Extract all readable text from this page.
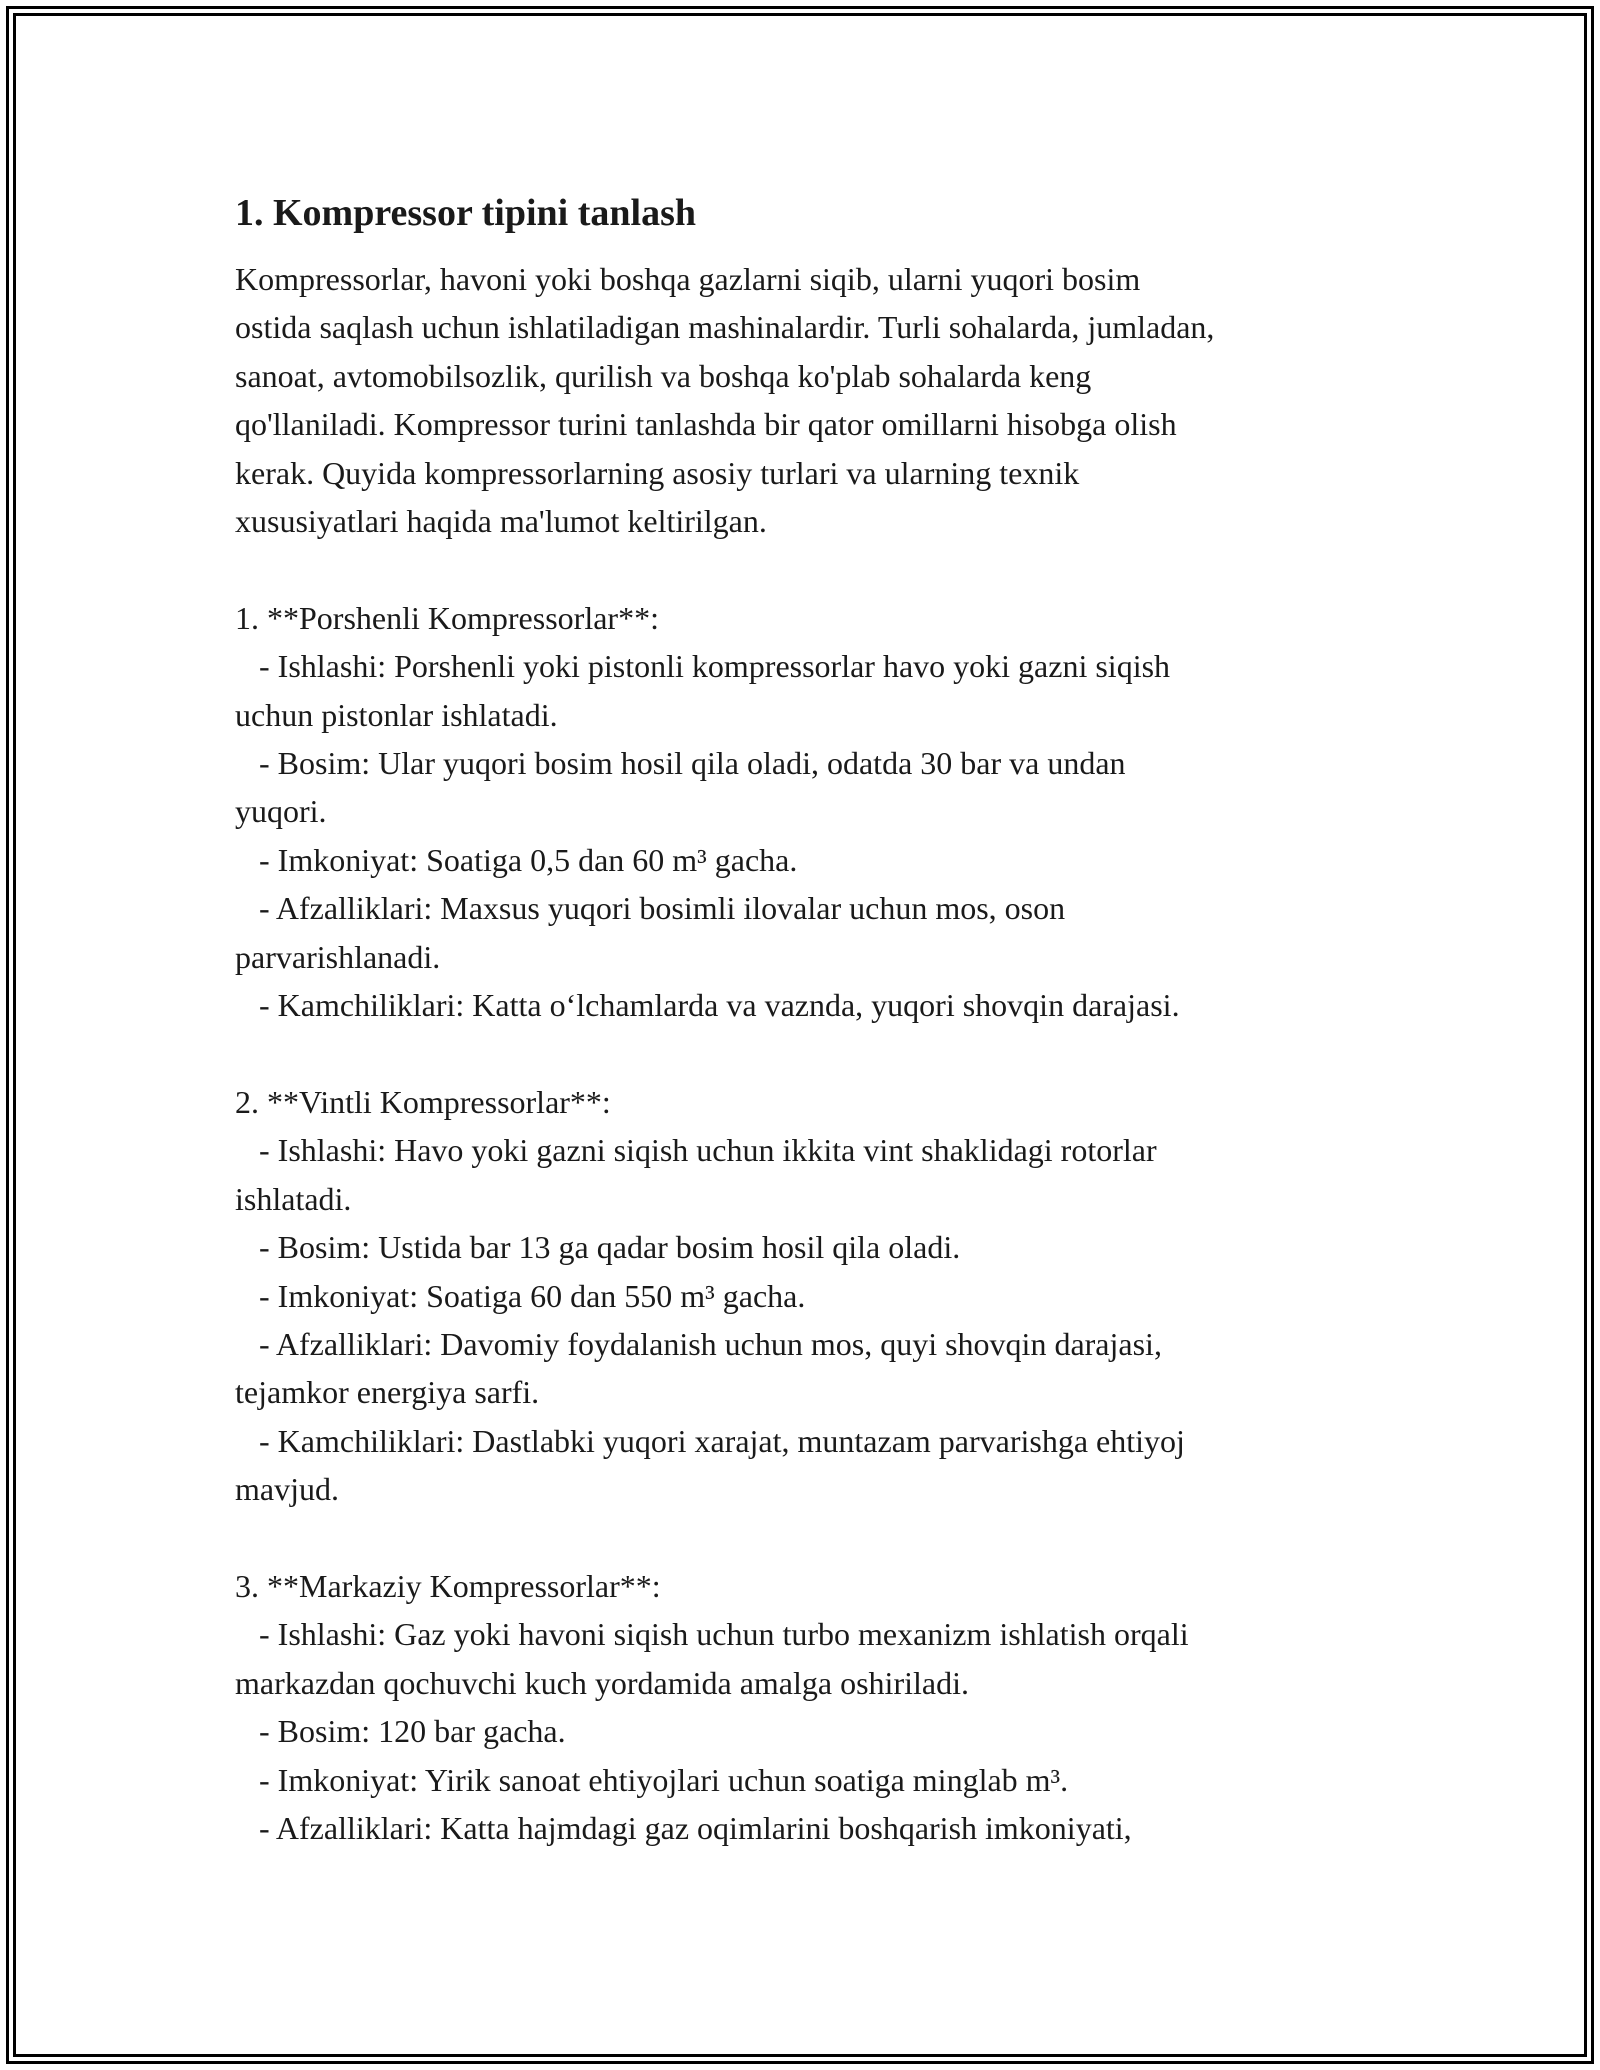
1. Kompressor tipini tanlash

Kompressorlar, havoni yoki boshqa gazlarni siqib, ularni yuqori bosim

ostida saqlash uchun ishlatiladigan mashinalardir. Turli sohalarda, jumladan,

sanoat, avtomobilsozlik, qurilish va boshqa ko'plab sohalarda keng

qo'llaniladi. Kompressor turini tanlashda bir qator omillarni hisobga olish

kerak. Quyida kompressorlarning asosiy turlari va ularning texnik

xususiyatlari haqida ma'lumot keltirilgan.

1. **Porshenli Kompressorlar**:

- Ishlashi: Porshenli yoki pistonli kompressorlar havo yoki gazni siqish

uchun pistonlar ishlatadi.

- Bosim: Ular yuqori bosim hosil qila oladi, odatda 30 bar va undan

yuqori.

- Imkoniyat: Soatiga 0,5 dan 60 m³ gacha.

- Afzalliklari: Maxsus yuqori bosimli ilovalar uchun mos, oson

parvarishlanadi.

- Kamchiliklari: Katta o‘lchamlarda va vaznda, yuqori shovqin darajasi.

2. **Vintli Kompressorlar**:

- Ishlashi: Havo yoki gazni siqish uchun ikkita vint shaklidagi rotorlar

ishlatadi.

- Bosim: Ustida bar 13 ga qadar bosim hosil qila oladi.

- Imkoniyat: Soatiga 60 dan 550 m³ gacha.

- Afzalliklari: Davomiy foydalanish uchun mos, quyi shovqin darajasi,

tejamkor energiya sarfi.

- Kamchiliklari: Dastlabki yuqori xarajat, muntazam parvarishga ehtiyoj

mavjud.

3. **Markaziy Kompressorlar**:

- Ishlashi: Gaz yoki havoni siqish uchun turbo mexanizm ishlatish orqali

markazdan qochuvchi kuch yordamida amalga oshiriladi.

- Bosim: 120 bar gacha.

- Imkoniyat: Yirik sanoat ehtiyojlari uchun soatiga minglab m³.

- Afzalliklari: Katta hajmdagi gaz oqimlarini boshqarish imkoniyati,
